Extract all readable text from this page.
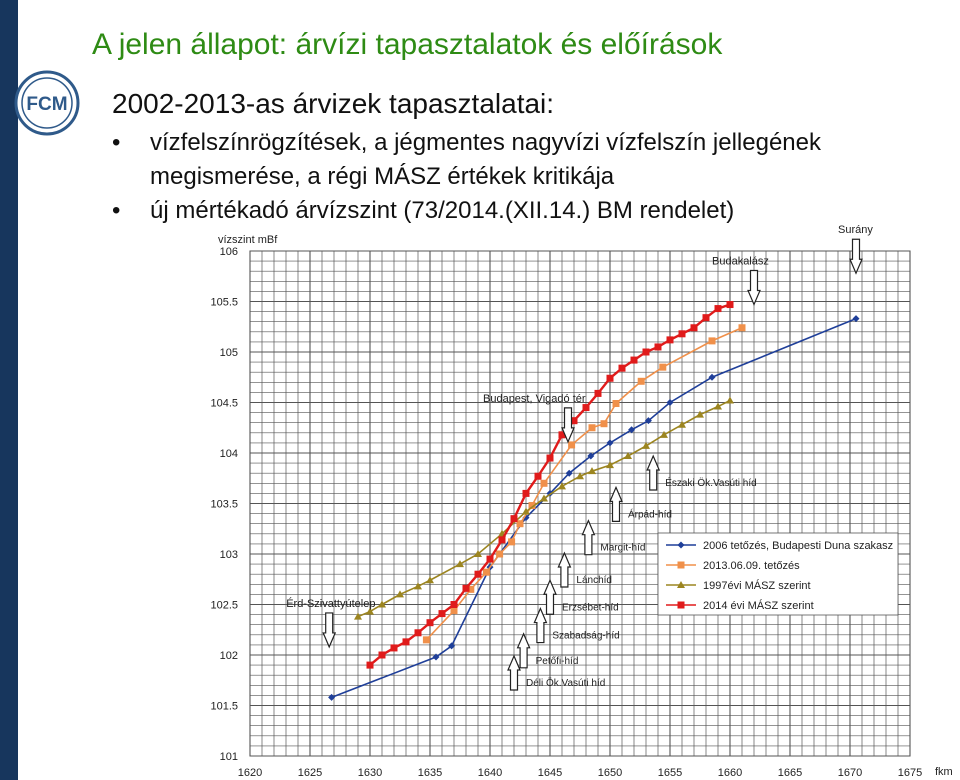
FCM
A jelen állapot: árvízi tapasztalatok és előírások
2002-2013-as árvizek tapasztalatai:
• vízfelszínrögzítések, a jégmentes nagyvízi vízfelszín jellegének
megismerése, a régi MÁSZ értékek kritikája
• új mértékadó árvízszint (73/2014.(XII.14.) BM rendelet)
1620	1625	1630	1635	1640	1645	1650	1655	1660	1665	1670	1675
101
101.5
102
102.5
103
103.5
104
104.5
105
105.5
106
vízszint mBf
fkm
Surány
Budakalász
Budapest, Vigadó tér
Északi Ök.Vasúti híd
Árpád-híd
Margit-híd
Lánchíd
Erzsébet-híd
Szabadság-híd
Petőfi-híd
Déli Ök.Vasúti híd
Érd-Szivattyútelep
2006 tetőzés, Budapesti Duna szakasz
2013.06.09. tetőzés
1997évi MÁSZ szerint
2014 évi MÁSZ szerint
